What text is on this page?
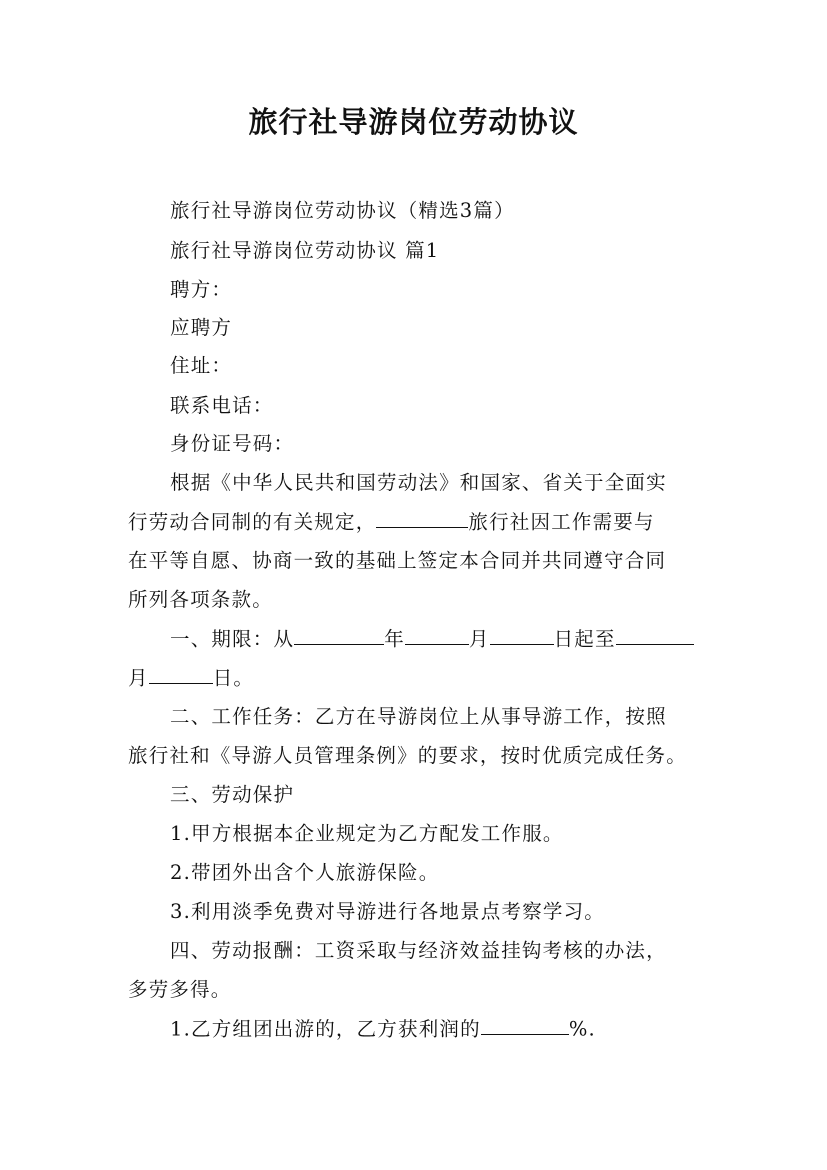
旅行社导游岗位劳动协议
旅行社导游岗位劳动协议（精选3篇）
旅行社导游岗位劳动协议 篇1
聘方：
应聘方
住址：
联系电话：
身份证号码：
根据《中华人民共和国劳动法》和国家、省关于全面实
行劳动合同制的有关规定，	旅行社因工作需要与
在平等自愿、协商一致的基础上签定本合同并共同遵守合同
所列各项条款。
一、期限：从	年	月	日起至
月	日。
二、工作任务：乙方在导游岗位上从事导游工作，按照
旅行社和《导游人员管理条例》的要求，按时优质完成任务。
三、劳动保护
1.甲方根据本企业规定为乙方配发工作服。
2.带团外出含个人旅游保险。
3.利用淡季免费对导游进行各地景点考察学习。
四、劳动报酬：工资采取与经济效益挂钩考核的办法，
多劳多得。
1.乙方组团出游的，乙方获利润的	%.
